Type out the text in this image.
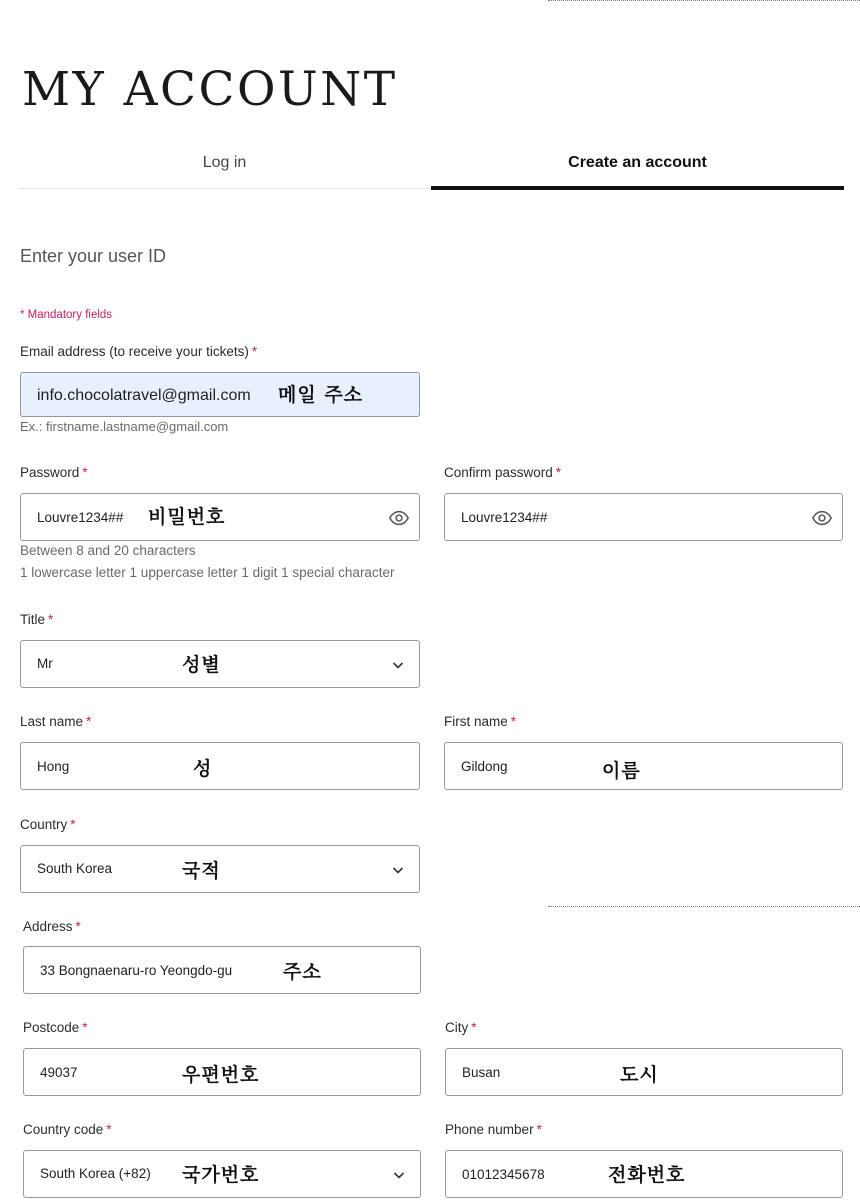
MY ACCOUNT
Log in	Create an account
Enter your user ID
* Mandatory fields
Email address (to receive your tickets) *
info.chocolatravel@gmail.com
메일 주소
Ex.: firstname.lastname@gmail.com
Password *
Louvre1234##
비밀번호
Between 8 and 20 characters
1 lowercase letter 1 uppercase letter 1 digit 1 special character
Confirm password *
Louvre1234##
Title *
Mr	성별
Last name *
Hong
성
First name *
Gildong
이름
Country *
South Korea	국적
Address *
33 Bongnaenaru-ro Yeongdo-gu
주소
Postcode *
49037
우편번호
City *
Busan
도시
Country code *
South Korea (+82) 국가번호
Phone number *
01012345678
전화번호
